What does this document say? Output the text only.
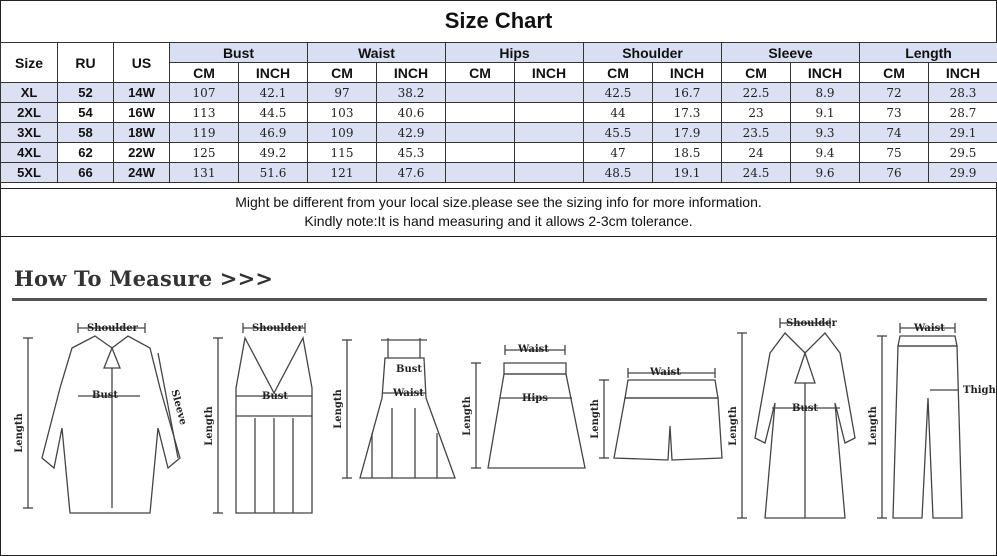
Size Chart
Size	RU	US	Bust		Waist		Hips		Shoulder		Sleeve		Length	
			CM	INCH	CM	INCH	CM	INCH	CM	INCH	CM	INCH	CM	INCH
XL	52	14W	107	42.1	97	38.2			42.5	16.7	22.5	8.9	72	28.3
2XL	54	16W	113	44.5	103	40.6			44	17.3	23	9.1	73	28.7
3XL	58	18W	119	46.9	109	42.9			45.5	17.9	23.5	9.3	74	29.1
4XL	62	22W	125	49.2	115	45.3			47	18.5	24	9.4	75	29.5
5XL	66	24W	131	51.6	121	47.6			48.5	19.1	24.5	9.6	76	29.9
Might be different from your local size.please see the sizing info for more information.
Kindly note:It is hand measuring and it allows 2-3cm tolerance.
How To Measure >>>
Shoulder
Bust
Shoulder
Bust
Bust
Waist
Waist
Hips
Waist
Shoulder
Bust
Waist
Thigh
Length
Sleeve Length	Length	Length	Length	Length	Length
